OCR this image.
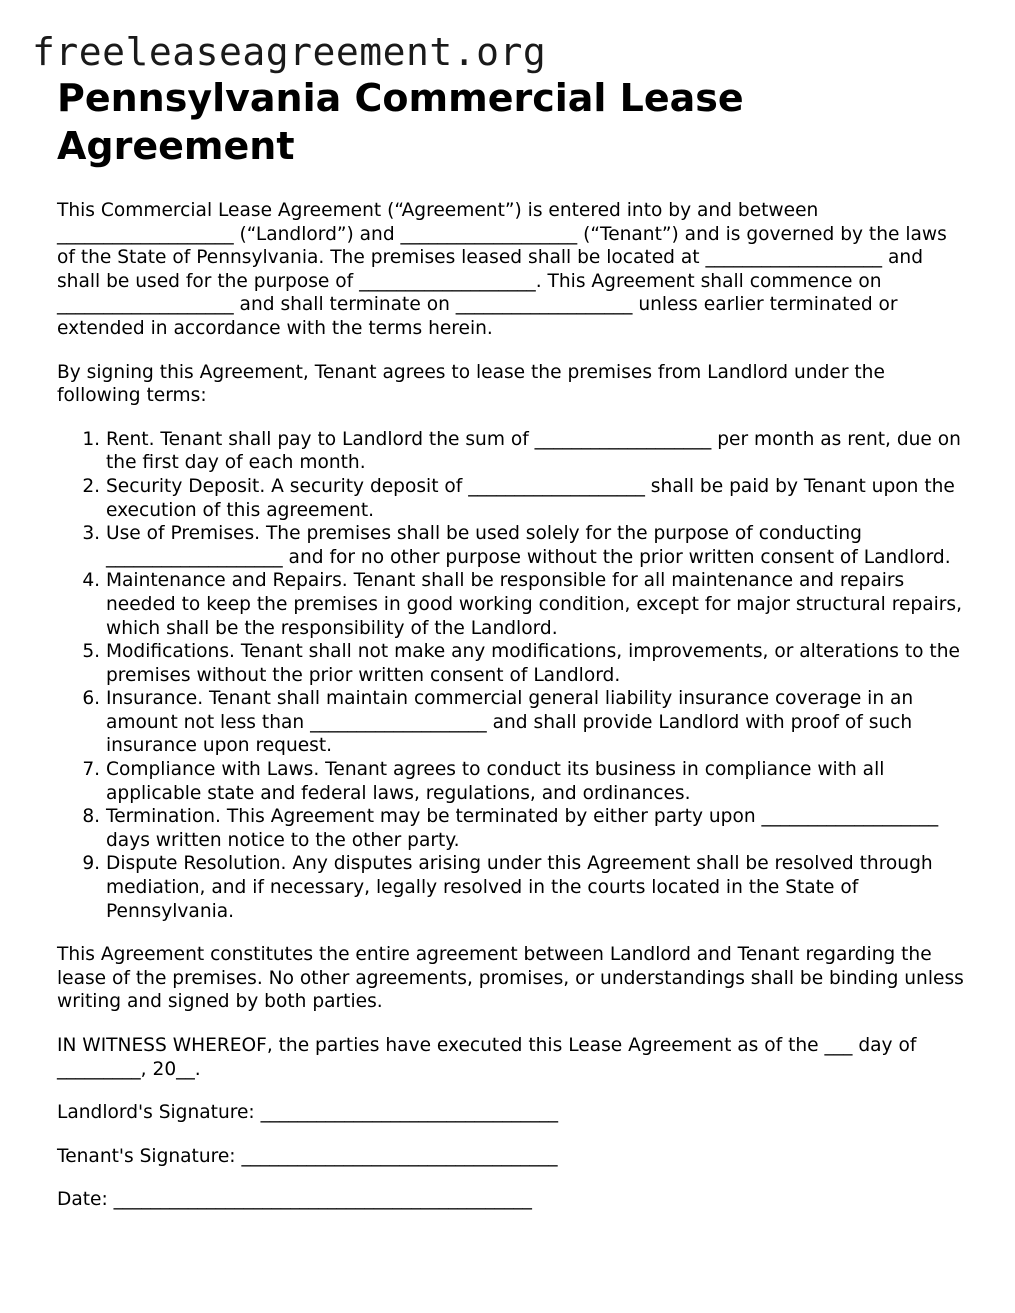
freeleaseagreement.org
Pennsylvania Commercial Lease Agreement

This Commercial Lease Agreement (“Agreement”) is entered into by and between ___________________ (“Landlord”) and ___________________ (“Tenant”) and is governed by the laws of the State of Pennsylvania. The premises leased shall be located at ___________________ and shall be used for the purpose of ___________________. This Agreement shall commence on ___________________ and shall terminate on ___________________ unless earlier terminated or extended in accordance with the terms herein.

By signing this Agreement, Tenant agrees to lease the premises from Landlord under the following terms:

1. Rent. Tenant shall pay to Landlord the sum of ___________________ per month as rent, due on the first day of each month.
2. Security Deposit. A security deposit of ___________________ shall be paid by Tenant upon the execution of this agreement.
3. Use of Premises. The premises shall be used solely for the purpose of conducting ___________________ and for no other purpose without the prior written consent of Landlord.
4. Maintenance and Repairs. Tenant shall be responsible for all maintenance and repairs needed to keep the premises in good working condition, except for major structural repairs, which shall be the responsibility of the Landlord.
5. Modifications. Tenant shall not make any modifications, improvements, or alterations to the premises without the prior written consent of Landlord.
6. Insurance. Tenant shall maintain commercial general liability insurance coverage in an amount not less than ___________________ and shall provide Landlord with proof of such insurance upon request.
7. Compliance with Laws. Tenant agrees to conduct its business in compliance with all applicable state and federal laws, regulations, and ordinances.
8. Termination. This Agreement may be terminated by either party upon ___________________ days written notice to the other party.
9. Dispute Resolution. Any disputes arising under this Agreement shall be resolved through mediation, and if necessary, legally resolved in the courts located in the State of Pennsylvania.

This Agreement constitutes the entire agreement between Landlord and Tenant regarding the lease of the premises. No other agreements, promises, or understandings shall be binding unless writing and signed by both parties.

IN WITNESS WHEREOF, the parties have executed this Lease Agreement as of the ___ day of _________, 20__.

Landlord's Signature: ________________________________

Tenant's Signature: __________________________________

Date: _____________________________________________
